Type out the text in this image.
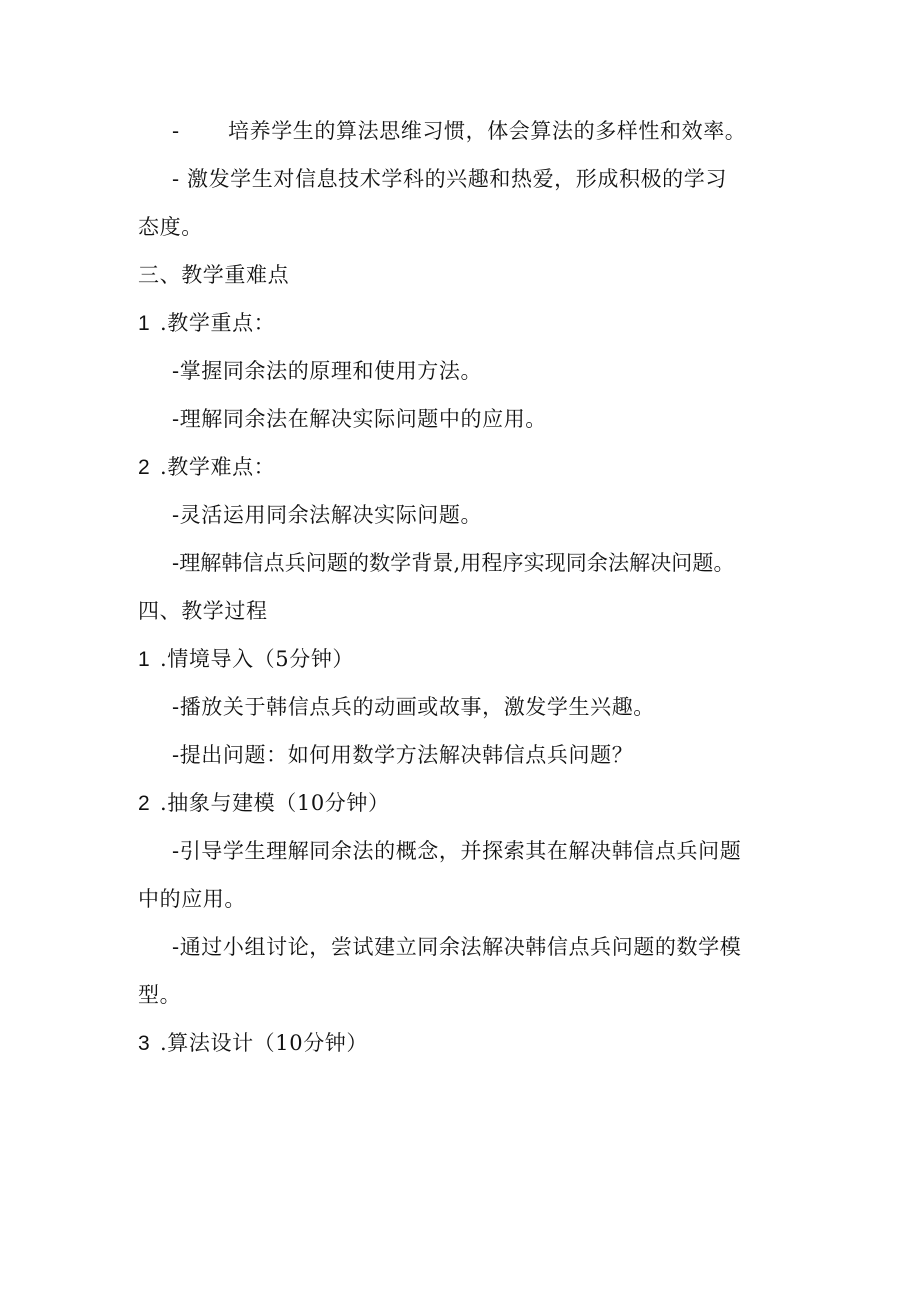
- 培养学生的算法思维习惯，体会算法的多样性和效率。
- 激发学生对信息技术学科的兴趣和热爱，形成积极的学习
态度。
三、教学重难点
1 .教学重点：
-掌握同余法的原理和使用方法。
-理解同余法在解决实际问题中的应用。
2 .教学难点：
-灵活运用同余法解决实际问题。
-理解韩信点兵问题的数学背景,用程序实现同余法解决问题。
四、教学过程
1 .情境导入（5分钟）
-播放关于韩信点兵的动画或故事，激发学生兴趣。
-提出问题：如何用数学方法解决韩信点兵问题？
2 .抽象与建模（10分钟）
-引导学生理解同余法的概念，并探索其在解决韩信点兵问题
中的应用。
-通过小组讨论，尝试建立同余法解决韩信点兵问题的数学模
型。
3 .算法设计（10分钟）
